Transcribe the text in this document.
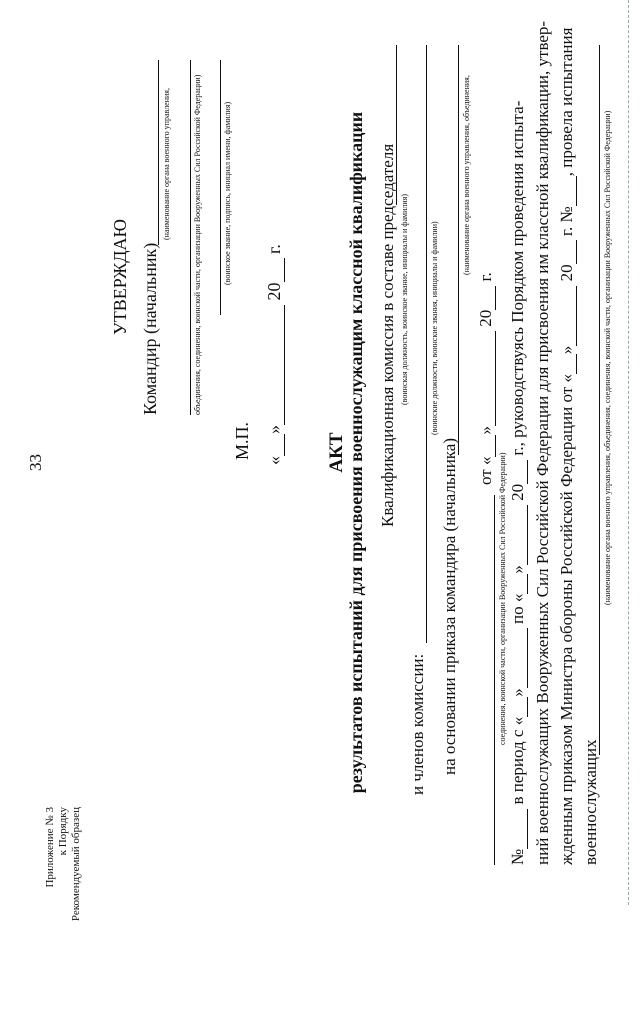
33
Приложение № 3 к Порядку Рекомендуемый образец
УТВЕРЖДАЮ Командир (начальник)
(наименование органа военного управления,	объединения, соединения, воинской части, организации Вооруженных Сил Российской Федерации)	(воинское звание, подпись, инициал имени, фамилия)
М.П.
«» 20 г.
АКТ результатов испытаний для присвоения военнослужащим классной квалификации Квалификационная комиссия в составе председателя (воинская должность, воинское звание, инициалы и фамилия)
и членов комиссии:
(воинские должности, воинские звания, инициалы и фамилии)
на основании приказа командира (начальника)
(наименование органа военного управления, объединения,
от «» 20 г.
соединения, воинской части, организации Вооруженных Сил Российской Федерации)
№ в период с «» по «» 20 г., руководствуясь Порядком проведения испыта- ний военнослужащих Вооруженных Сил Российской Федерации для присвоения им классной квалификации, утвер- жденным приказом Министра обороны Российской Федерации от «» 20 г. №, провела испытания
военнослужащих
(наименование органа военного управления, объединения, соединения, воинской части, организации Вооруженных Сил Российской Федерации)
